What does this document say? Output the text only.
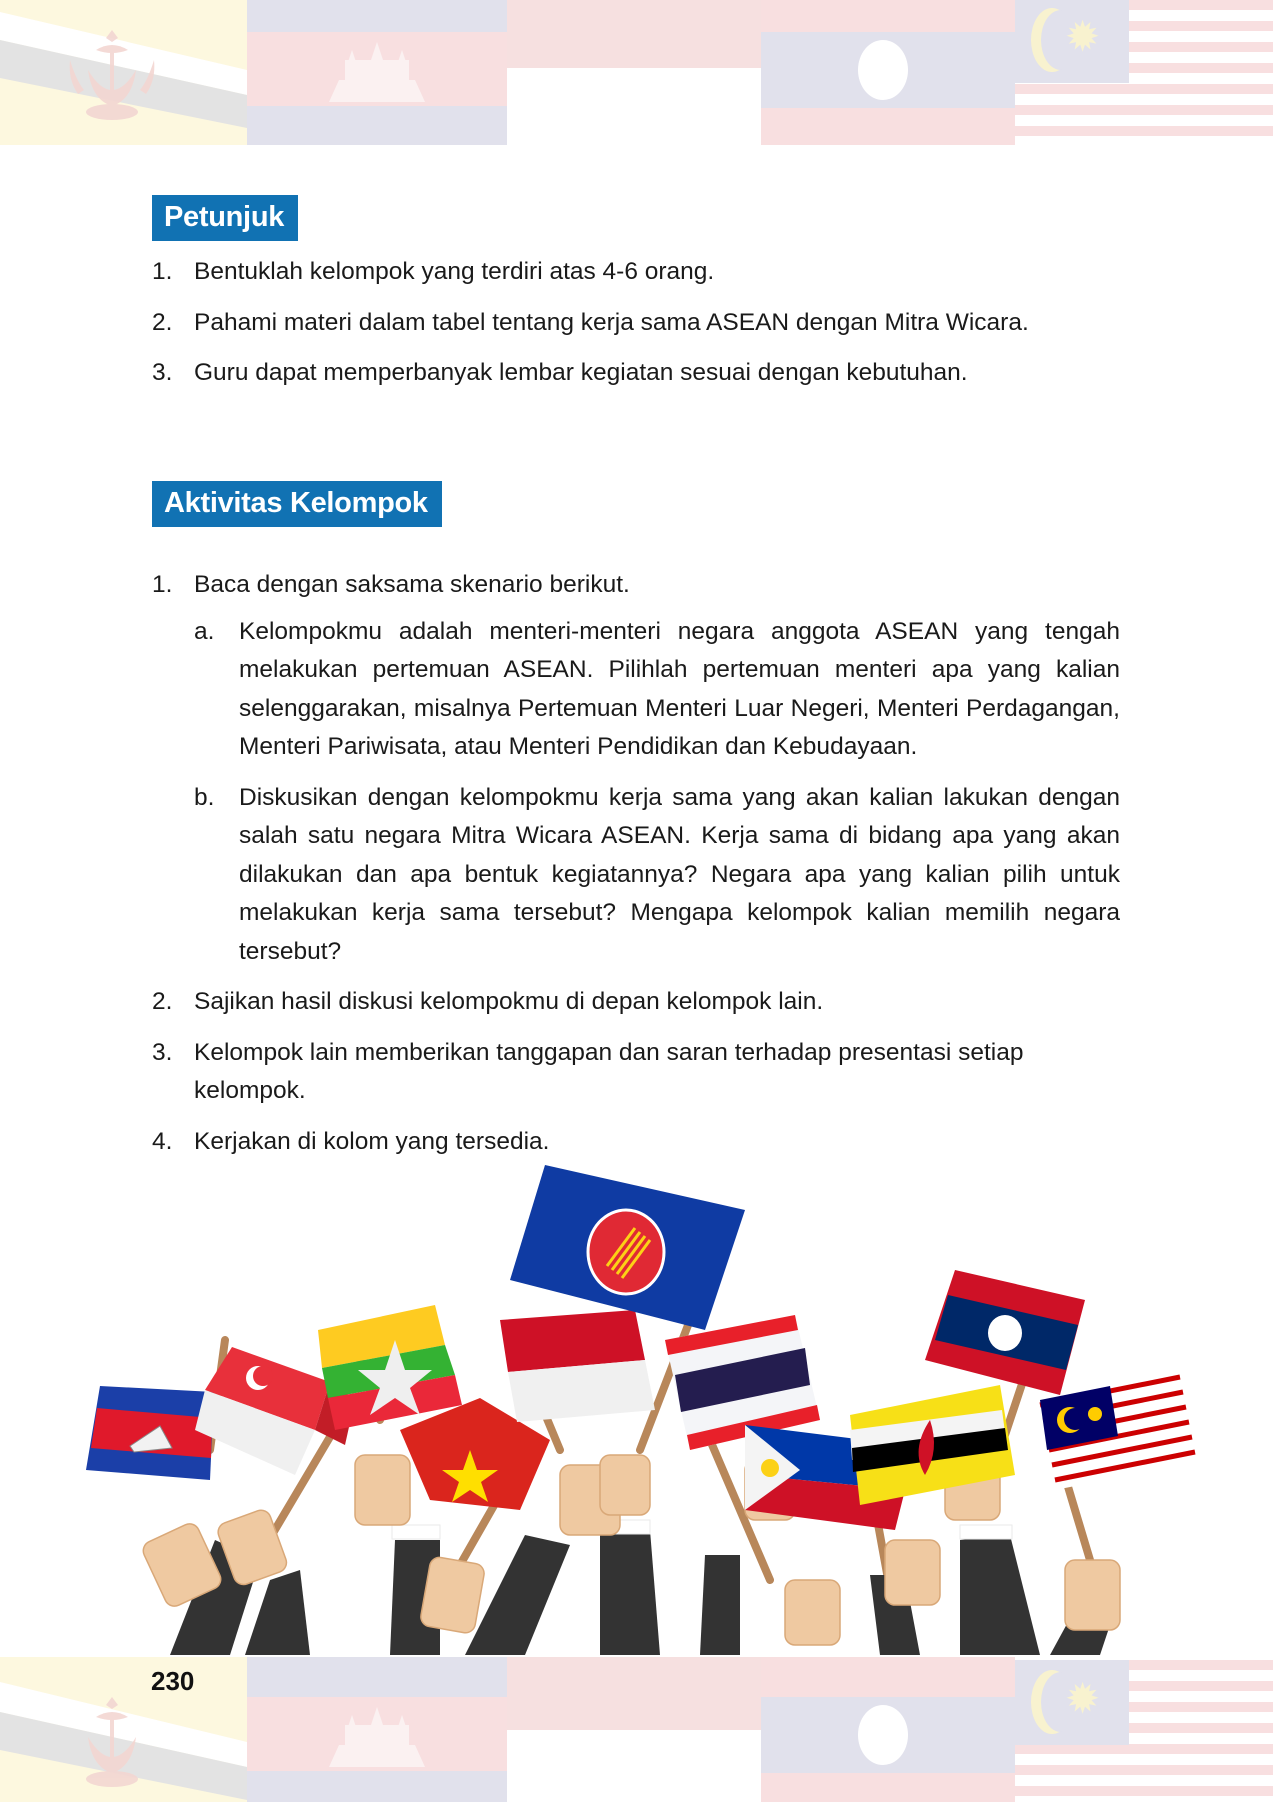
✹
Petunjuk
1. Bentuklah kelompok yang terdiri atas 4-6 orang.
2. Pahami materi dalam tabel tentang kerja sama ASEAN dengan Mitra Wicara.
3. Guru dapat memperbanyak lembar kegiatan sesuai dengan kebutuhan.
Aktivitas Kelompok
1. Baca dengan saksama skenario berikut.
a. Kelompokmu adalah menteri-menteri negara anggota ASEAN yang tengah melakukan pertemuan ASEAN. Pilihlah pertemuan menteri apa yang kalian selenggarakan, misalnya Pertemuan Menteri Luar Negeri, Menteri Perdagangan, Menteri Pariwisata, atau Menteri Pendidikan dan Kebudayaan.
b. Diskusikan dengan kelompokmu kerja sama yang akan kalian lakukan dengan salah satu negara Mitra Wicara ASEAN. Kerja sama di bidang apa yang akan dilakukan dan apa bentuk kegiatannya? Negara apa yang kalian pilih untuk melakukan kerja sama tersebut? Mengapa kelompok kalian memilih negara tersebut?
2. Sajikan hasil diskusi kelompokmu di depan kelompok lain.
3. Kelompok lain memberikan tanggapan dan saran terhadap presentasi setiap kelompok.
4. Kerjakan di kolom yang tersedia.
✹
230
